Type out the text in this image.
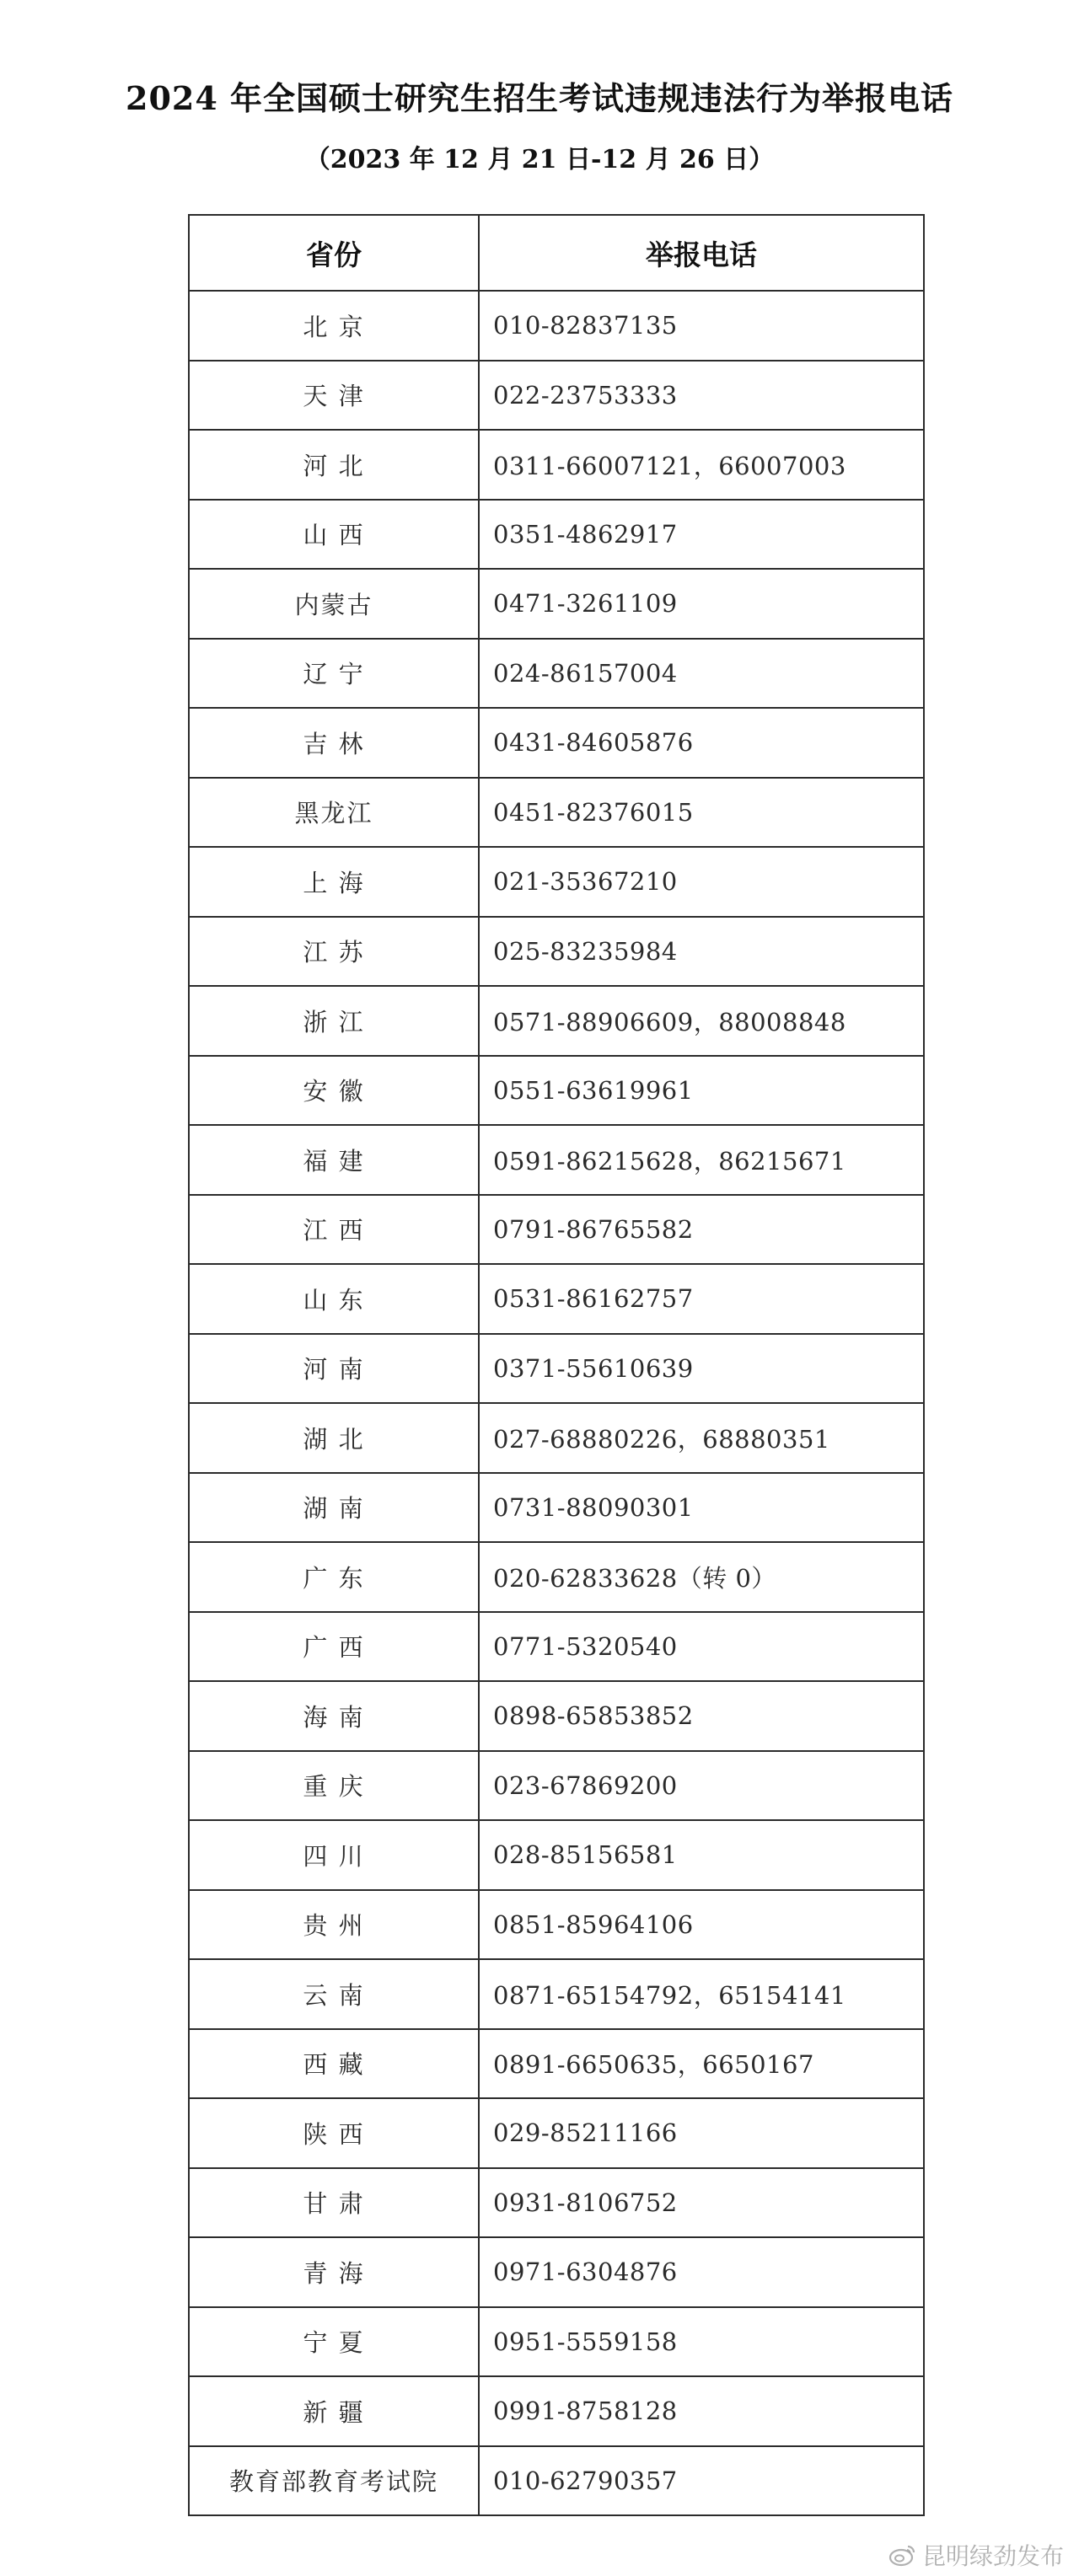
2024 年全国硕士研究生招生考试违规违法行为举报电话
（2023 年 12 月 21 日-12 月 26 日）
省份	举报电话
北 京	010-82837135
天 津	022-23753333
河 北	0311-66007121，66007003
山 西	0351-4862917
内蒙古	0471-3261109
辽 宁	024-86157004
吉 林	0431-84605876
黑龙江	0451-82376015
上 海	021-35367210
江 苏	025-83235984
浙 江	0571-88906609，88008848
安 徽	0551-63619961
福 建	0591-86215628，86215671
江 西	0791-86765582
山 东	0531-86162757
河 南	0371-55610639
湖 北	027-68880226，68880351
湖 南	0731-88090301
广 东	020-62833628（转 0）
广 西	0771-5320540
海 南	0898-65853852
重 庆	023-67869200
四 川	028-85156581
贵 州	0851-85964106
云 南	0871-65154792，65154141
西 藏	0891-6650635，6650167
陕 西	029-85211166
甘 肃	0931-8106752
青 海	0971-6304876
宁 夏	0951-5559158
新 疆	0991-8758128
教育部教育考试院	010-62790357
昆明绿劲发布
